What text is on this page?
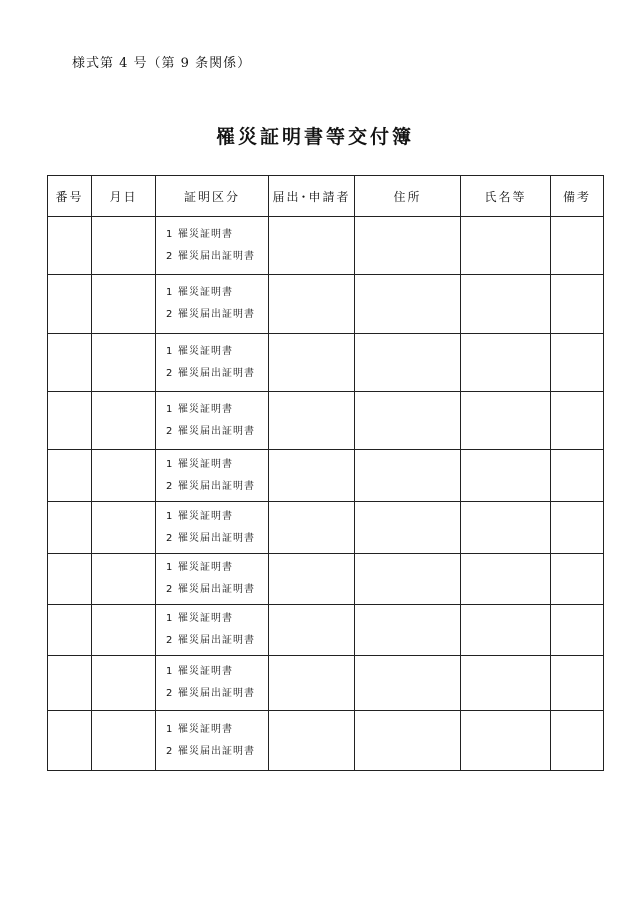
様式第 4 号（第 9 条関係）
罹災証明書等交付簿
番号	月日	証明区分	届出･申請者	住所	氏名等	備考

		1 罹災証明書
2 罹災届出証明書				

		1 罹災証明書
2 罹災届出証明書				

		1 罹災証明書
2 罹災届出証明書				

		1 罹災証明書
2 罹災届出証明書				

		1 罹災証明書
2 罹災届出証明書				

		1 罹災証明書
2 罹災届出証明書				

		1 罹災証明書
2 罹災届出証明書				

		1 罹災証明書
2 罹災届出証明書				

		1 罹災証明書
2 罹災届出証明書				

		1 罹災証明書
2 罹災届出証明書				
